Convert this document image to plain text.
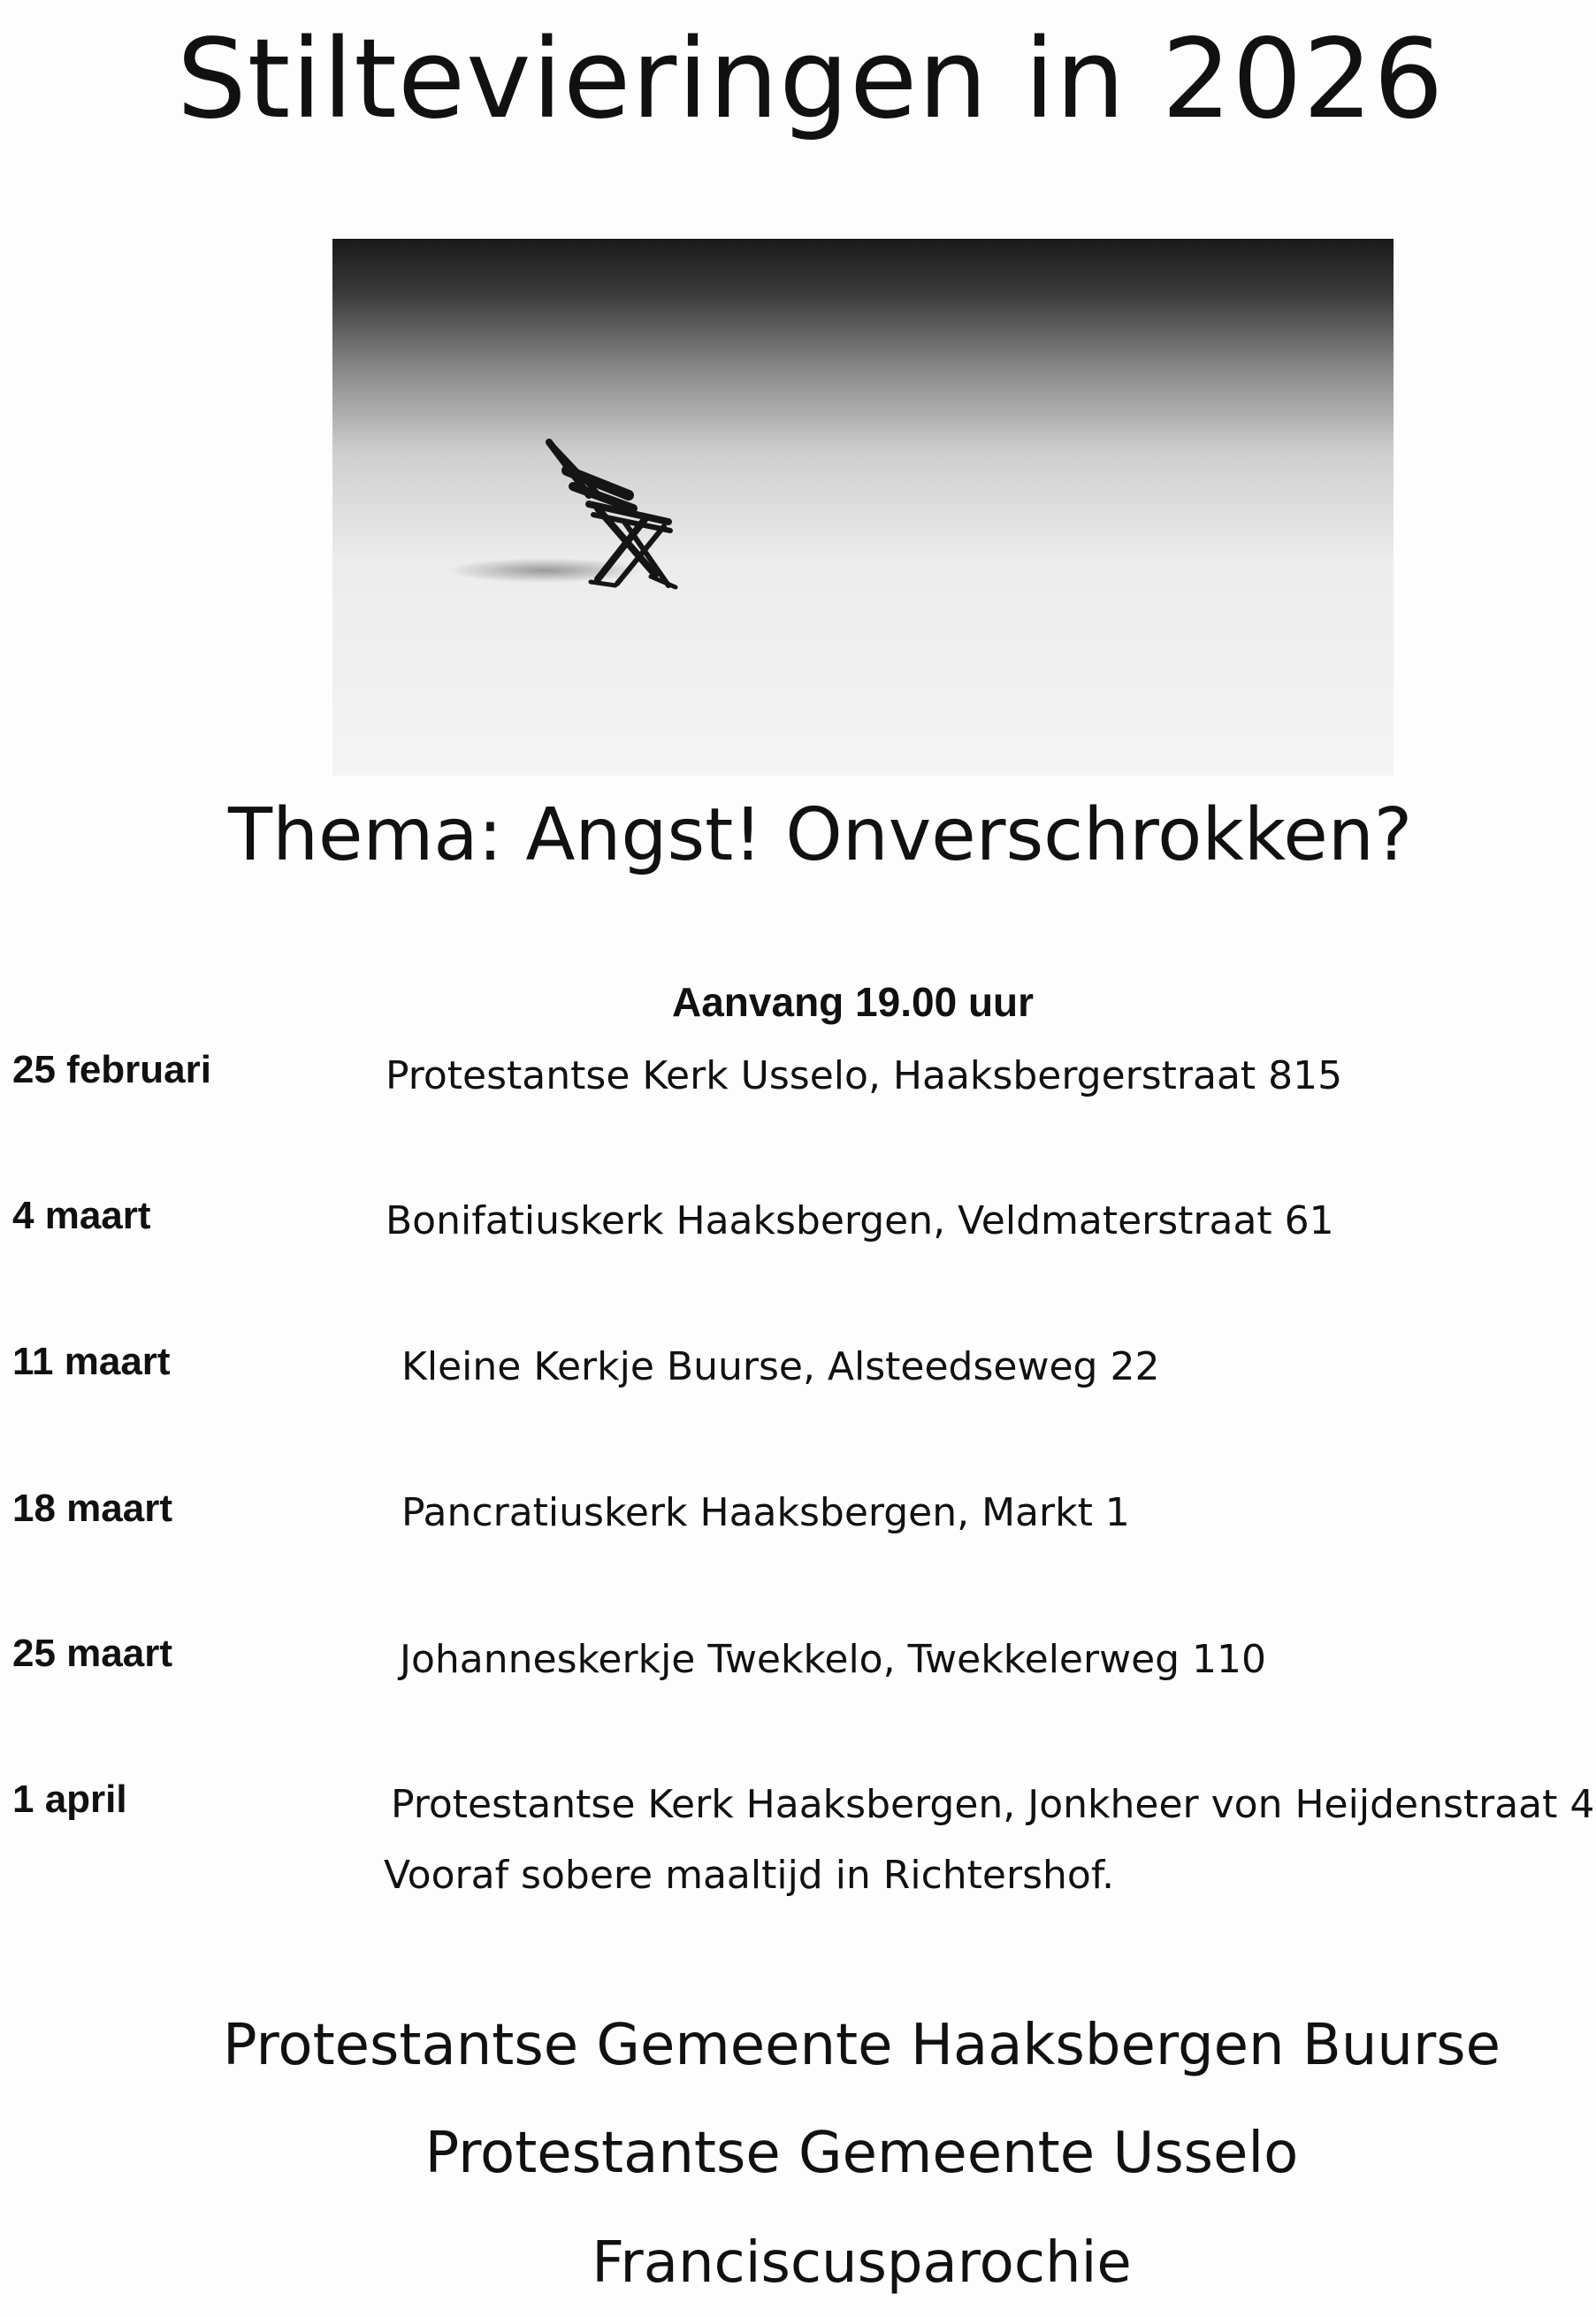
Stiltevieringen in 2026
Thema: Angst! Onverschrokken?
Aanvang 19.00 uur
25 februari	Protestantse Kerk Usselo, Haaksbergerstraat 815
4 maart	Bonifatiuskerk Haaksbergen, Veldmaterstraat 61
11 maart	Kleine Kerkje Buurse, Alsteedseweg 22
18 maart	Pancratiuskerk Haaksbergen, Markt 1
25 maart	Johanneskerkje Twekkelo, Twekkelerweg 110
1 april	Protestantse Kerk Haaksbergen, Jonkheer von Heijdenstraat 4
Vooraf sobere maaltijd in Richtershof.
Protestantse Gemeente Haaksbergen Buurse
Protestantse Gemeente Usselo
Franciscusparochie
